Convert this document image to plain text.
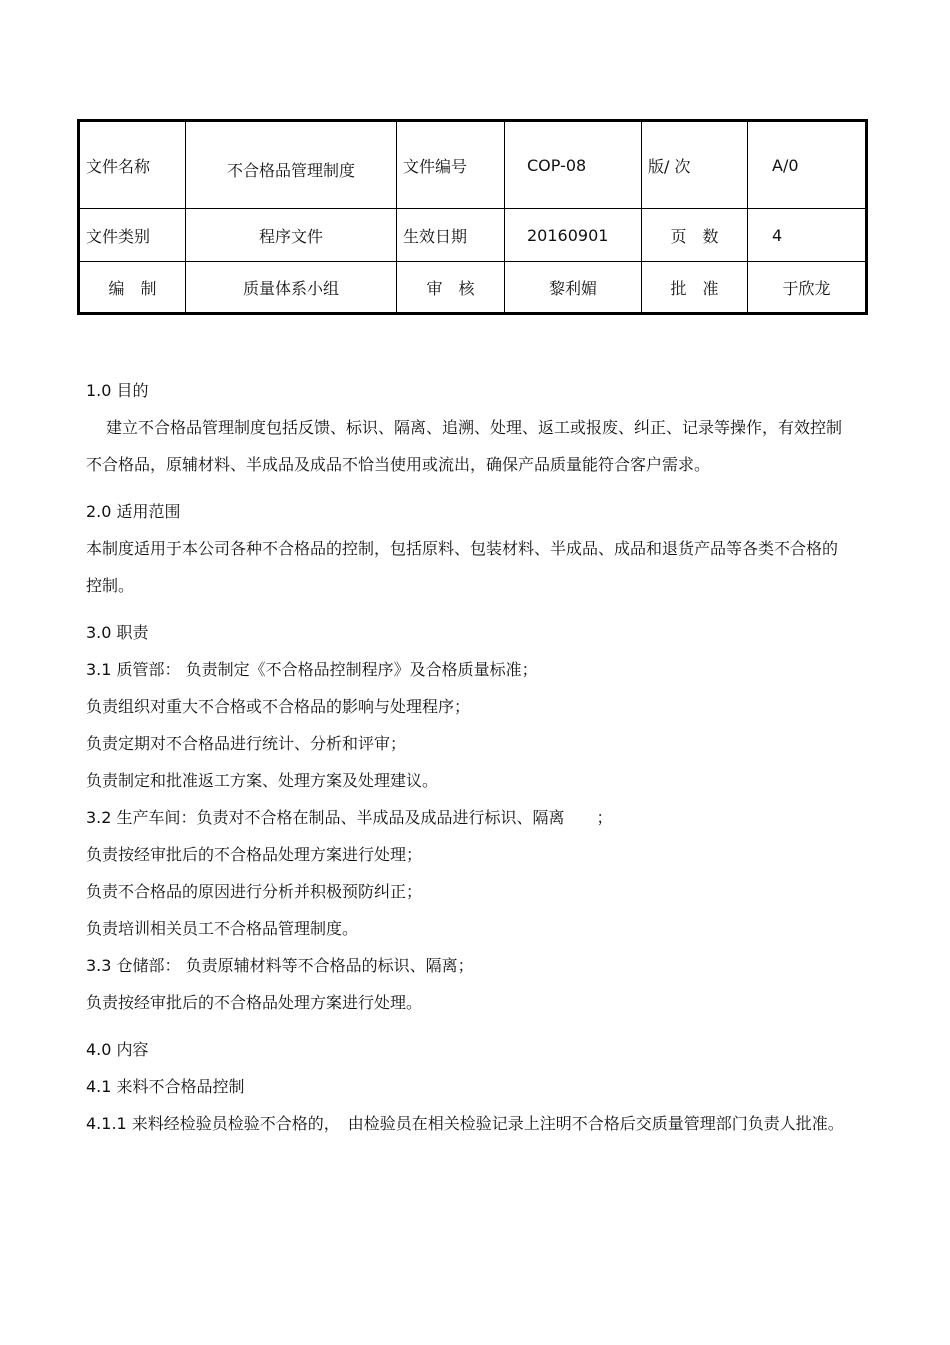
文件名称	不合格品管理制度	文件编号	COP-08	版/ 次	A/0
文件类别	程序文件	生效日期	20160901	页　数	4
编　制	质量体系小组	审　核	黎利媚	批　准	于欣龙

1.0 目的

建立不合格品管理制度包括反馈、标识、隔离、追溯、处理、返工或报废、纠正、记录等操作，有效控制不合格品，原辅材料、半成品及成品不恰当使用或流出，确保产品质量能符合客户需求。

2.0 适用范围

本制度适用于本公司各种不合格品的控制，包括原料、包装材料、半成品、成品和退货产品等各类不合格的控制。

3.0 职责

3.1 质管部： 负责制定《不合格品控制程序》及合格质量标准；

负责组织对重大不合格或不合格品的影响与处理程序；

负责定期对不合格品进行统计、分析和评审；

负责制定和批准返工方案、处理方案及处理建议。

3.2 生产车间：负责对不合格在制品、半成品及成品进行标识、隔离　　；

负责按经审批后的不合格品处理方案进行处理；

负责不合格品的原因进行分析并积极预防纠正；

负责培训相关员工不合格品管理制度。

3.3 仓储部： 负责原辅材料等不合格品的标识、隔离；

负责按经审批后的不合格品处理方案进行处理。

4.0 内容

4.1 来料不合格品控制

4.1.1 来料经检验员检验不合格的，　由检验员在相关检验记录上注明不合格后交质量管理部门负责人批准。
